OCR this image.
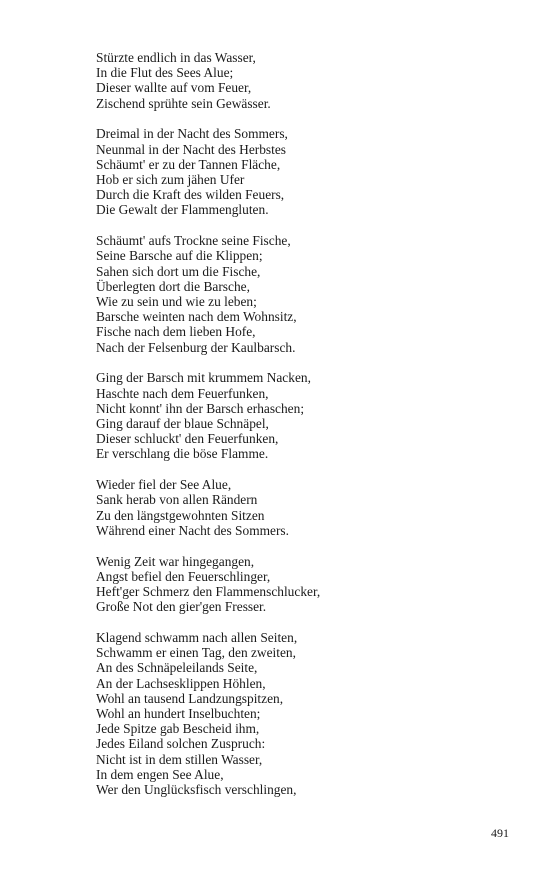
Stürzte endlich in das Wasser,
In die Flut des Sees Alue;
Dieser wallte auf vom Feuer,
Zischend sprühte sein Gewässer.
Dreimal in der Nacht des Sommers,
Neunmal in der Nacht des Herbstes
Schäumt' er zu der Tannen Fläche,
Hob er sich zum jähen Ufer
Durch die Kraft des wilden Feuers,
Die Gewalt der Flammengluten.
Schäumt' aufs Trockne seine Fische,
Seine Barsche auf die Klippen;
Sahen sich dort um die Fische,
Überlegten dort die Barsche,
Wie zu sein und wie zu leben;
Barsche weinten nach dem Wohnsitz,
Fische nach dem lieben Hofe,
Nach der Felsenburg der Kaulbarsch.
Ging der Barsch mit krummem Nacken,
Haschte nach dem Feuerfunken,
Nicht konnt' ihn der Barsch erhaschen;
Ging darauf der blaue Schnäpel,
Dieser schluckt' den Feuerfunken,
Er verschlang die böse Flamme.
Wieder fiel der See Alue,
Sank herab von allen Rändern
Zu den längstgewohnten Sitzen
Während einer Nacht des Sommers.
Wenig Zeit war hingegangen,
Angst befiel den Feuerschlinger,
Heft'ger Schmerz den Flammenschlucker,
Große Not den gier'gen Fresser.
Klagend schwamm nach allen Seiten,
Schwamm er einen Tag, den zweiten,
An des Schnäpeleilands Seite,
An der Lachsesklippen Höhlen,
Wohl an tausend Landzungspitzen,
Wohl an hundert Inselbuchten;
Jede Spitze gab Bescheid ihm,
Jedes Eiland solchen Zuspruch:
Nicht ist in dem stillen Wasser,
In dem engen See Alue,
Wer den Unglücksfisch verschlingen,
491
